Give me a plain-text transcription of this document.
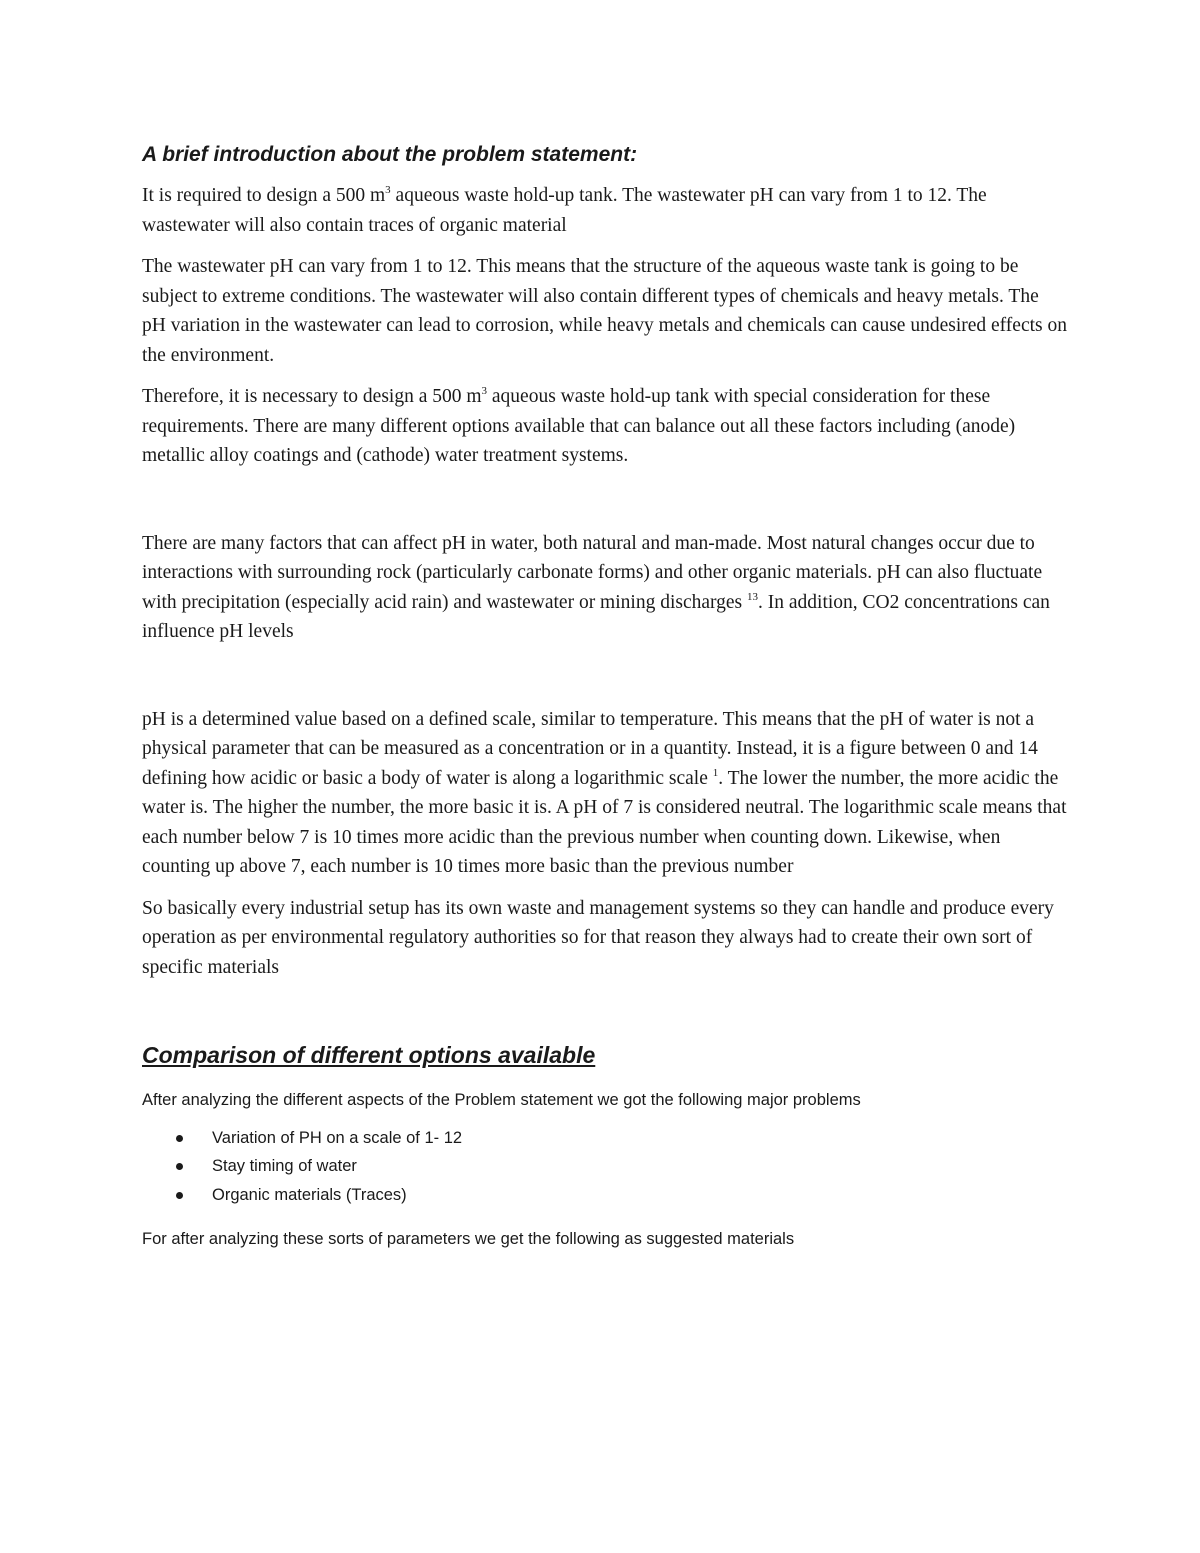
A brief introduction about the problem statement:

It is required to design a 500 $m^3$ aqueous waste hold-up tank. The wastewater pH can vary from 1 to 12. The wastewater will also contain traces of organic material

The wastewater pH can vary from 1 to 12. This means that the structure of the aqueous waste tank is going to be subject to extreme conditions. The wastewater will also contain different types of chemicals and heavy metals. The pH variation in the wastewater can lead to corrosion, while heavy metals and chemicals can cause undesired effects on the environment.

Therefore, it is necessary to design a 500 $m^3$ aqueous waste hold-up tank with special consideration for these requirements. There are many different options available that can balance out all these factors including (anode) metallic alloy coatings and (cathode) water treatment systems.

There are many factors that can affect pH in water, both natural and man-made. Most natural changes occur due to interactions with surrounding rock (particularly carbonate forms) and other organic materials. pH can also fluctuate with precipitation (especially acid rain) and wastewater or mining discharges $^{13}$. In addition, CO2 concentrations can influence pH levels

pH is a determined value based on a defined scale, similar to temperature. This means that the pH of water is not a physical parameter that can be measured as a concentration or in a quantity. Instead, it is a figure between 0 and 14 defining how acidic or basic a body of water is along a logarithmic scale $^1$. The lower the number, the more acidic the water is. The higher the number, the more basic it is. A pH of 7 is considered neutral. The logarithmic scale means that each number below 7 is 10 times more acidic than the previous number when counting down. Likewise, when counting up above 7, each number is 10 times more basic than the previous number

So basically every industrial setup has its own waste and management systems so they can handle and produce every operation as per environmental regulatory authorities so for that reason they always had to create their own sort of specific materials

Comparison of different options available

After analyzing the different aspects of the Problem statement we got the following major problems

Variation of PH on a scale of 1- 12
Stay timing of water
Organic materials (Traces)

For after analyzing these sorts of parameters we get the following as suggested materials
